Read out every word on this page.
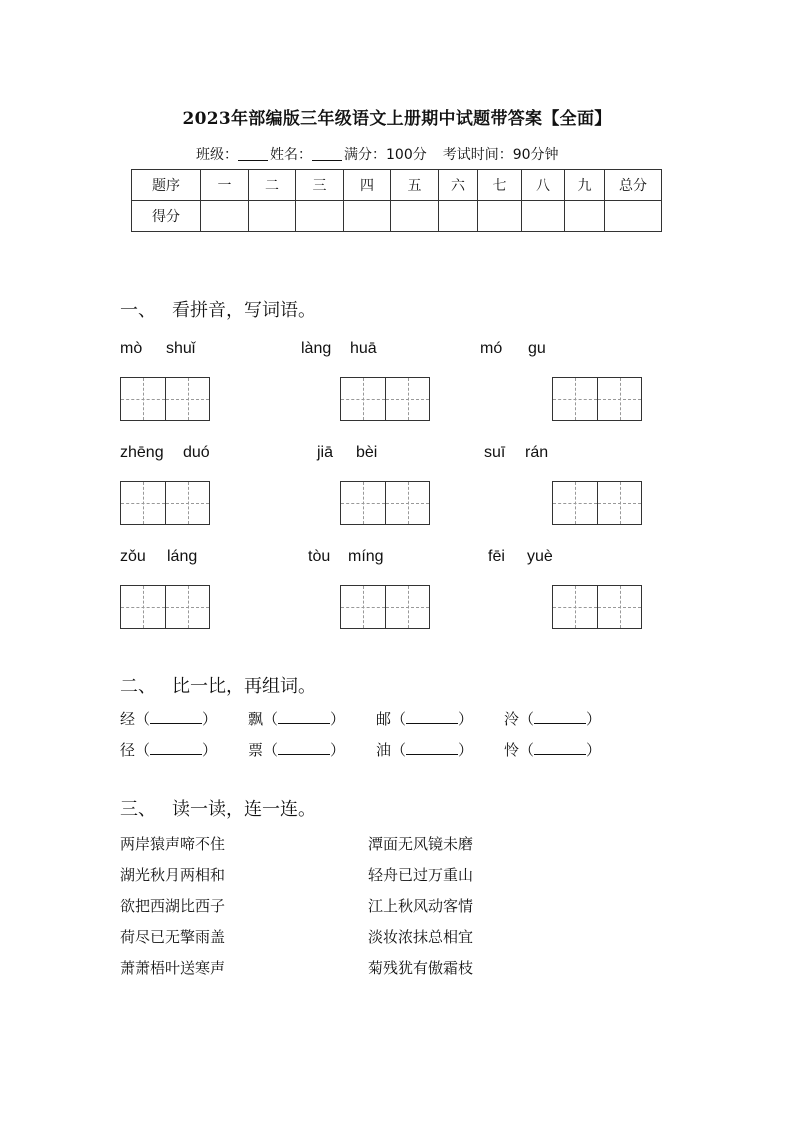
2023年部编版三年级语文上册期中试题带答案【全面】
班级： 姓名： 满分：100分 考试时间：90分钟
题序	一	二	三	四	五	六	七	八	九	总分
得分										
一、 看拼音，写词语。
mò shuǐ	làng huā	mó gu
zhēng duó	jiā bèi	suī rán
zǒu láng	tòu míng	fēi yuè
二、 比一比，再组词。
经（	） 飘（	） 邮（	） 泠（	）
径（	） 票（	） 油（	） 怜（	）
三、 读一读，连一连。
两岸猿声啼不住
湖光秋月两相和
欲把西湖比西子
荷尽已无擎雨盖
萧萧梧叶送寒声
潭面无风镜未磨
轻舟已过万重山
江上秋风动客情
淡妆浓抹总相宜
菊残犹有傲霜枝
